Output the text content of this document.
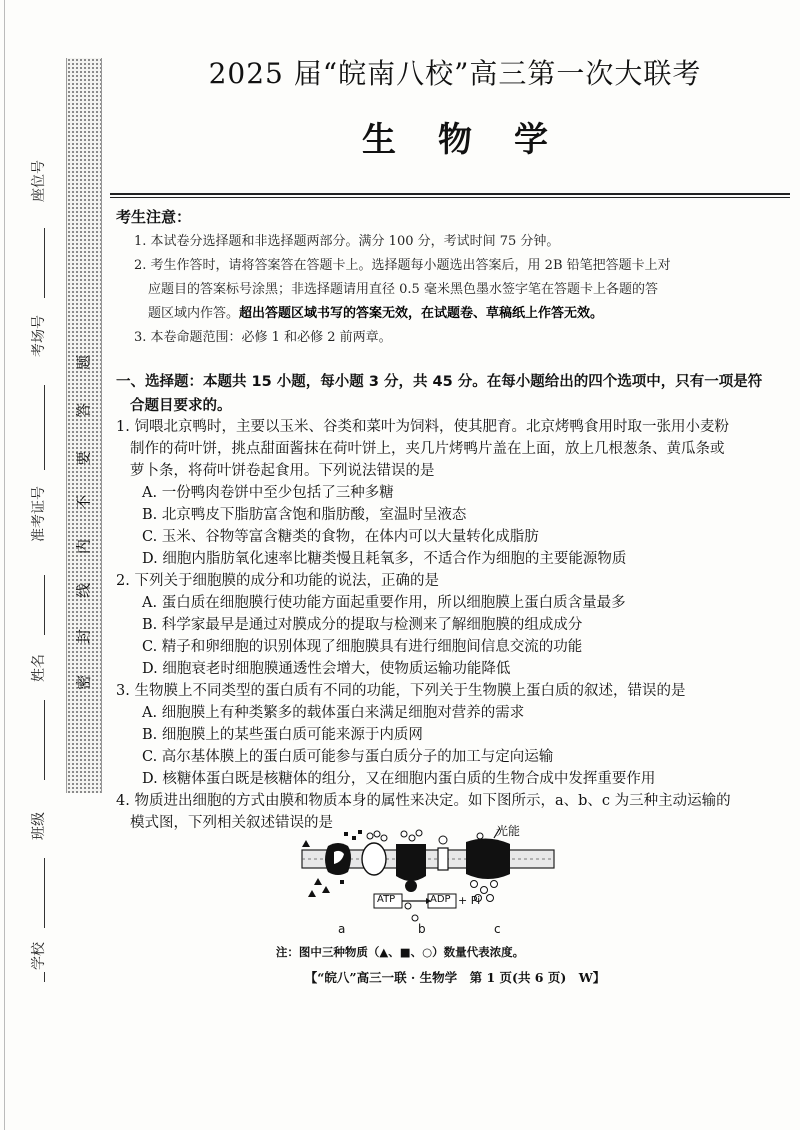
题
答
要
不
内
线
封
密
座位号
考场号
准考证号
姓名
班级
学校
2025 届“皖南八校”高三第一次大联考
生物学
考生注意：
1. 本试卷分选择题和非选择题两部分。满分 100 分，考试时间 75 分钟。
2. 考生作答时，请将答案答在答题卡上。选择题每小题选出答案后，用 2B 铅笔把答题卡上对
应题目的答案标号涂黑；非选择题请用直径 0.5 毫米黑色墨水签字笔在答题卡上各题的答
题区域内作答。超出答题区域书写的答案无效，在试题卷、草稿纸上作答无效。
3. 本卷命题范围：必修 1 和必修 2 前两章。
一、选择题：本题共 15 小题，每小题 3 分，共 45 分。在每小题给出的四个选项中，只有一项是符
合题目要求的。
1. 饲喂北京鸭时，主要以玉米、谷类和菜叶为饲料，使其肥育。北京烤鸭食用时取一张用小麦粉
制作的荷叶饼，挑点甜面酱抹在荷叶饼上，夹几片烤鸭片盖在上面，放上几根葱条、黄瓜条或
萝卜条，将荷叶饼卷起食用。下列说法错误的是
A. 一份鸭肉卷饼中至少包括了三种多糖
B. 北京鸭皮下脂肪富含饱和脂肪酸，室温时呈液态
C. 玉米、谷物等富含糖类的食物，在体内可以大量转化成脂肪
D. 细胞内脂肪氧化速率比糖类慢且耗氧多，不适合作为细胞的主要能源物质
2. 下列关于细胞膜的成分和功能的说法，正确的是
A. 蛋白质在细胞膜行使功能方面起重要作用，所以细胞膜上蛋白质含量最多
B. 科学家最早是通过对膜成分的提取与检测来了解细胞膜的组成成分
C. 精子和卵细胞的识别体现了细胞膜具有进行细胞间信息交流的功能
D. 细胞衰老时细胞膜通透性会增大，使物质运输功能降低
3. 生物膜上不同类型的蛋白质有不同的功能，下列关于生物膜上蛋白质的叙述，错误的是
A. 细胞膜上有种类繁多的载体蛋白来满足细胞对营养的需求
B. 细胞膜上的某些蛋白质可能来源于内质网
C. 高尔基体膜上的蛋白质可能参与蛋白质分子的加工与定向运输
D. 核糖体蛋白既是核糖体的组分，又在细胞内蛋白质的生物合成中发挥重要作用
4. 物质进出细胞的方式由膜和物质本身的属性来决定。如下图所示，a、b、c 为三种主动运输的
模式图，下列相关叙述错误的是	光能
ATP	ADP + Pi
a	b	c
注：图中三种物质（▲、■、○）数量代表浓度。
【“皖八”高三一联 · 生物学　第 1 页(共 6 页)　W】
